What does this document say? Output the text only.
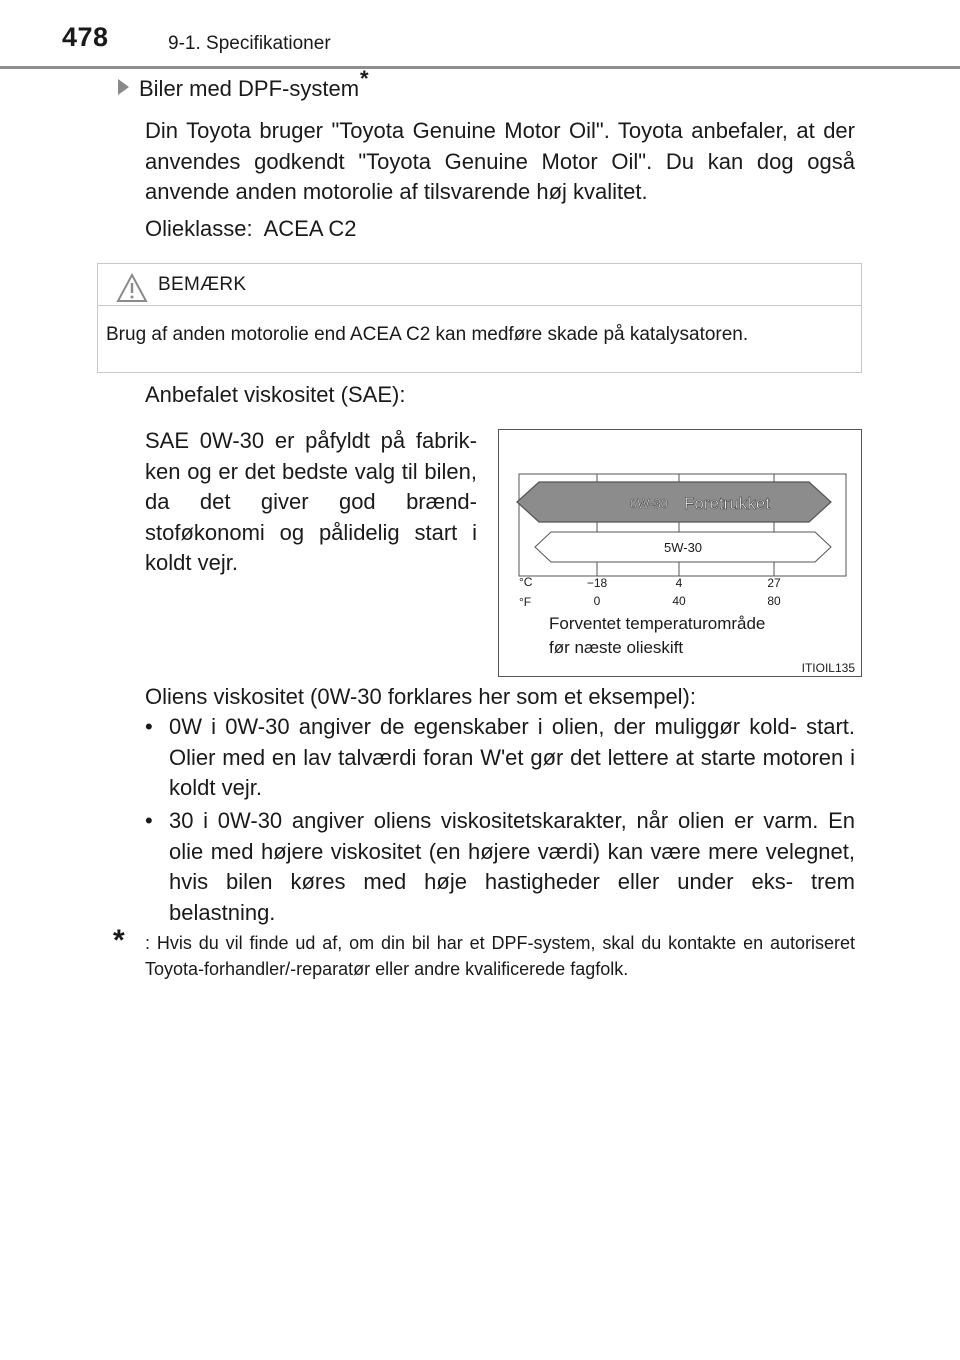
478	9-1. Specifikationer
Biler med DPF-system*
Din Toyota bruger "Toyota Genuine Motor Oil". Toyota anbefaler, at der anvendes godkendt "Toyota Genuine Motor Oil". Du kan dog også anvende anden motorolie af tilsvarende høj kvalitet.
Olieklasse:  ACEA C2
BEMÆRK
Brug af anden motorolie end ACEA C2 kan medføre skade på katalysatoren.
Anbefalet viskositet (SAE):
SAE 0W-30 er påfyldt på fabrik- ken og er det bedste valg til bilen, da det giver god brænd- stoføkonomi og pålidelig start i koldt vejr.
0W-30 Foretrukket
5W-30
°C
°F
−18	4	27
0	40	80
Forventet temperaturområde
før næste olieskift
ITIOIL135
Oliens viskositet (0W-30 forklares her som et eksempel):
• 0W i 0W-30 angiver de egenskaber i olien, der muliggør kold- start. Olier med en lav talværdi foran W'et gør det lettere at starte motoren i koldt vejr.
• 30 i 0W-30 angiver oliens viskositetskarakter, når olien er varm. En olie med højere viskositet (en højere værdi) kan være mere velegnet, hvis bilen køres med høje hastigheder eller under eks- trem belastning.
* : Hvis du vil finde ud af, om din bil har et DPF-system, skal du kontakte en autoriseret Toyota-forhandler/-reparatør eller andre kvalificerede fagfolk.
